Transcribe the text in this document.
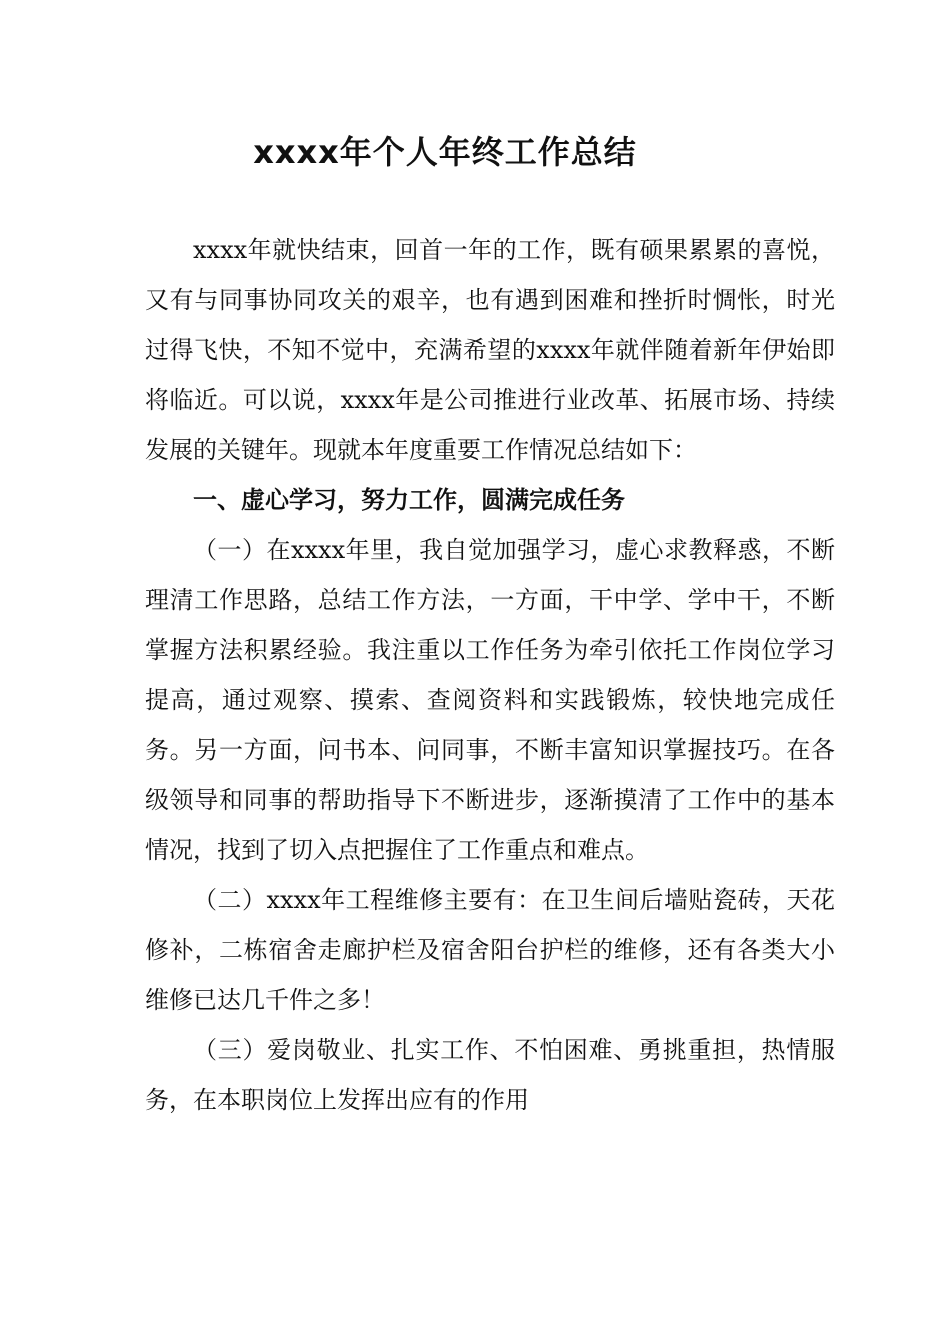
xxxx年个人年终工作总结

xxxx年就快结束，回首一年的工作，既有硕果累累的喜悦，又有与同事协同攻关的艰辛，也有遇到困难和挫折时惆怅，时光过得飞快，不知不觉中，充满希望的xxxx年就伴随着新年伊始即将临近。可以说，xxxx年是公司推进行业改革、拓展市场、持续发展的关键年。现就本年度重要工作情况总结如下：

一、虚心学习，努力工作，圆满完成任务

（一）在xxxx年里，我自觉加强学习，虚心求教释惑，不断理清工作思路，总结工作方法，一方面，干中学、学中干，不断掌握方法积累经验。我注重以工作任务为牵引依托工作岗位学习提高，通过观察、摸索、查阅资料和实践锻炼，较快地完成任务。另一方面，问书本、问同事，不断丰富知识掌握技巧。在各级领导和同事的帮助指导下不断进步，逐渐摸清了工作中的基本情况，找到了切入点把握住了工作重点和难点。

（二）xxxx年工程维修主要有：在卫生间后墙贴瓷砖，天花修补，二栋宿舍走廊护栏及宿舍阳台护栏的维修，还有各类大小维修已达几千件之多！

（三）爱岗敬业、扎实工作、不怕困难、勇挑重担，热情服务，在本职岗位上发挥出应有的作用
